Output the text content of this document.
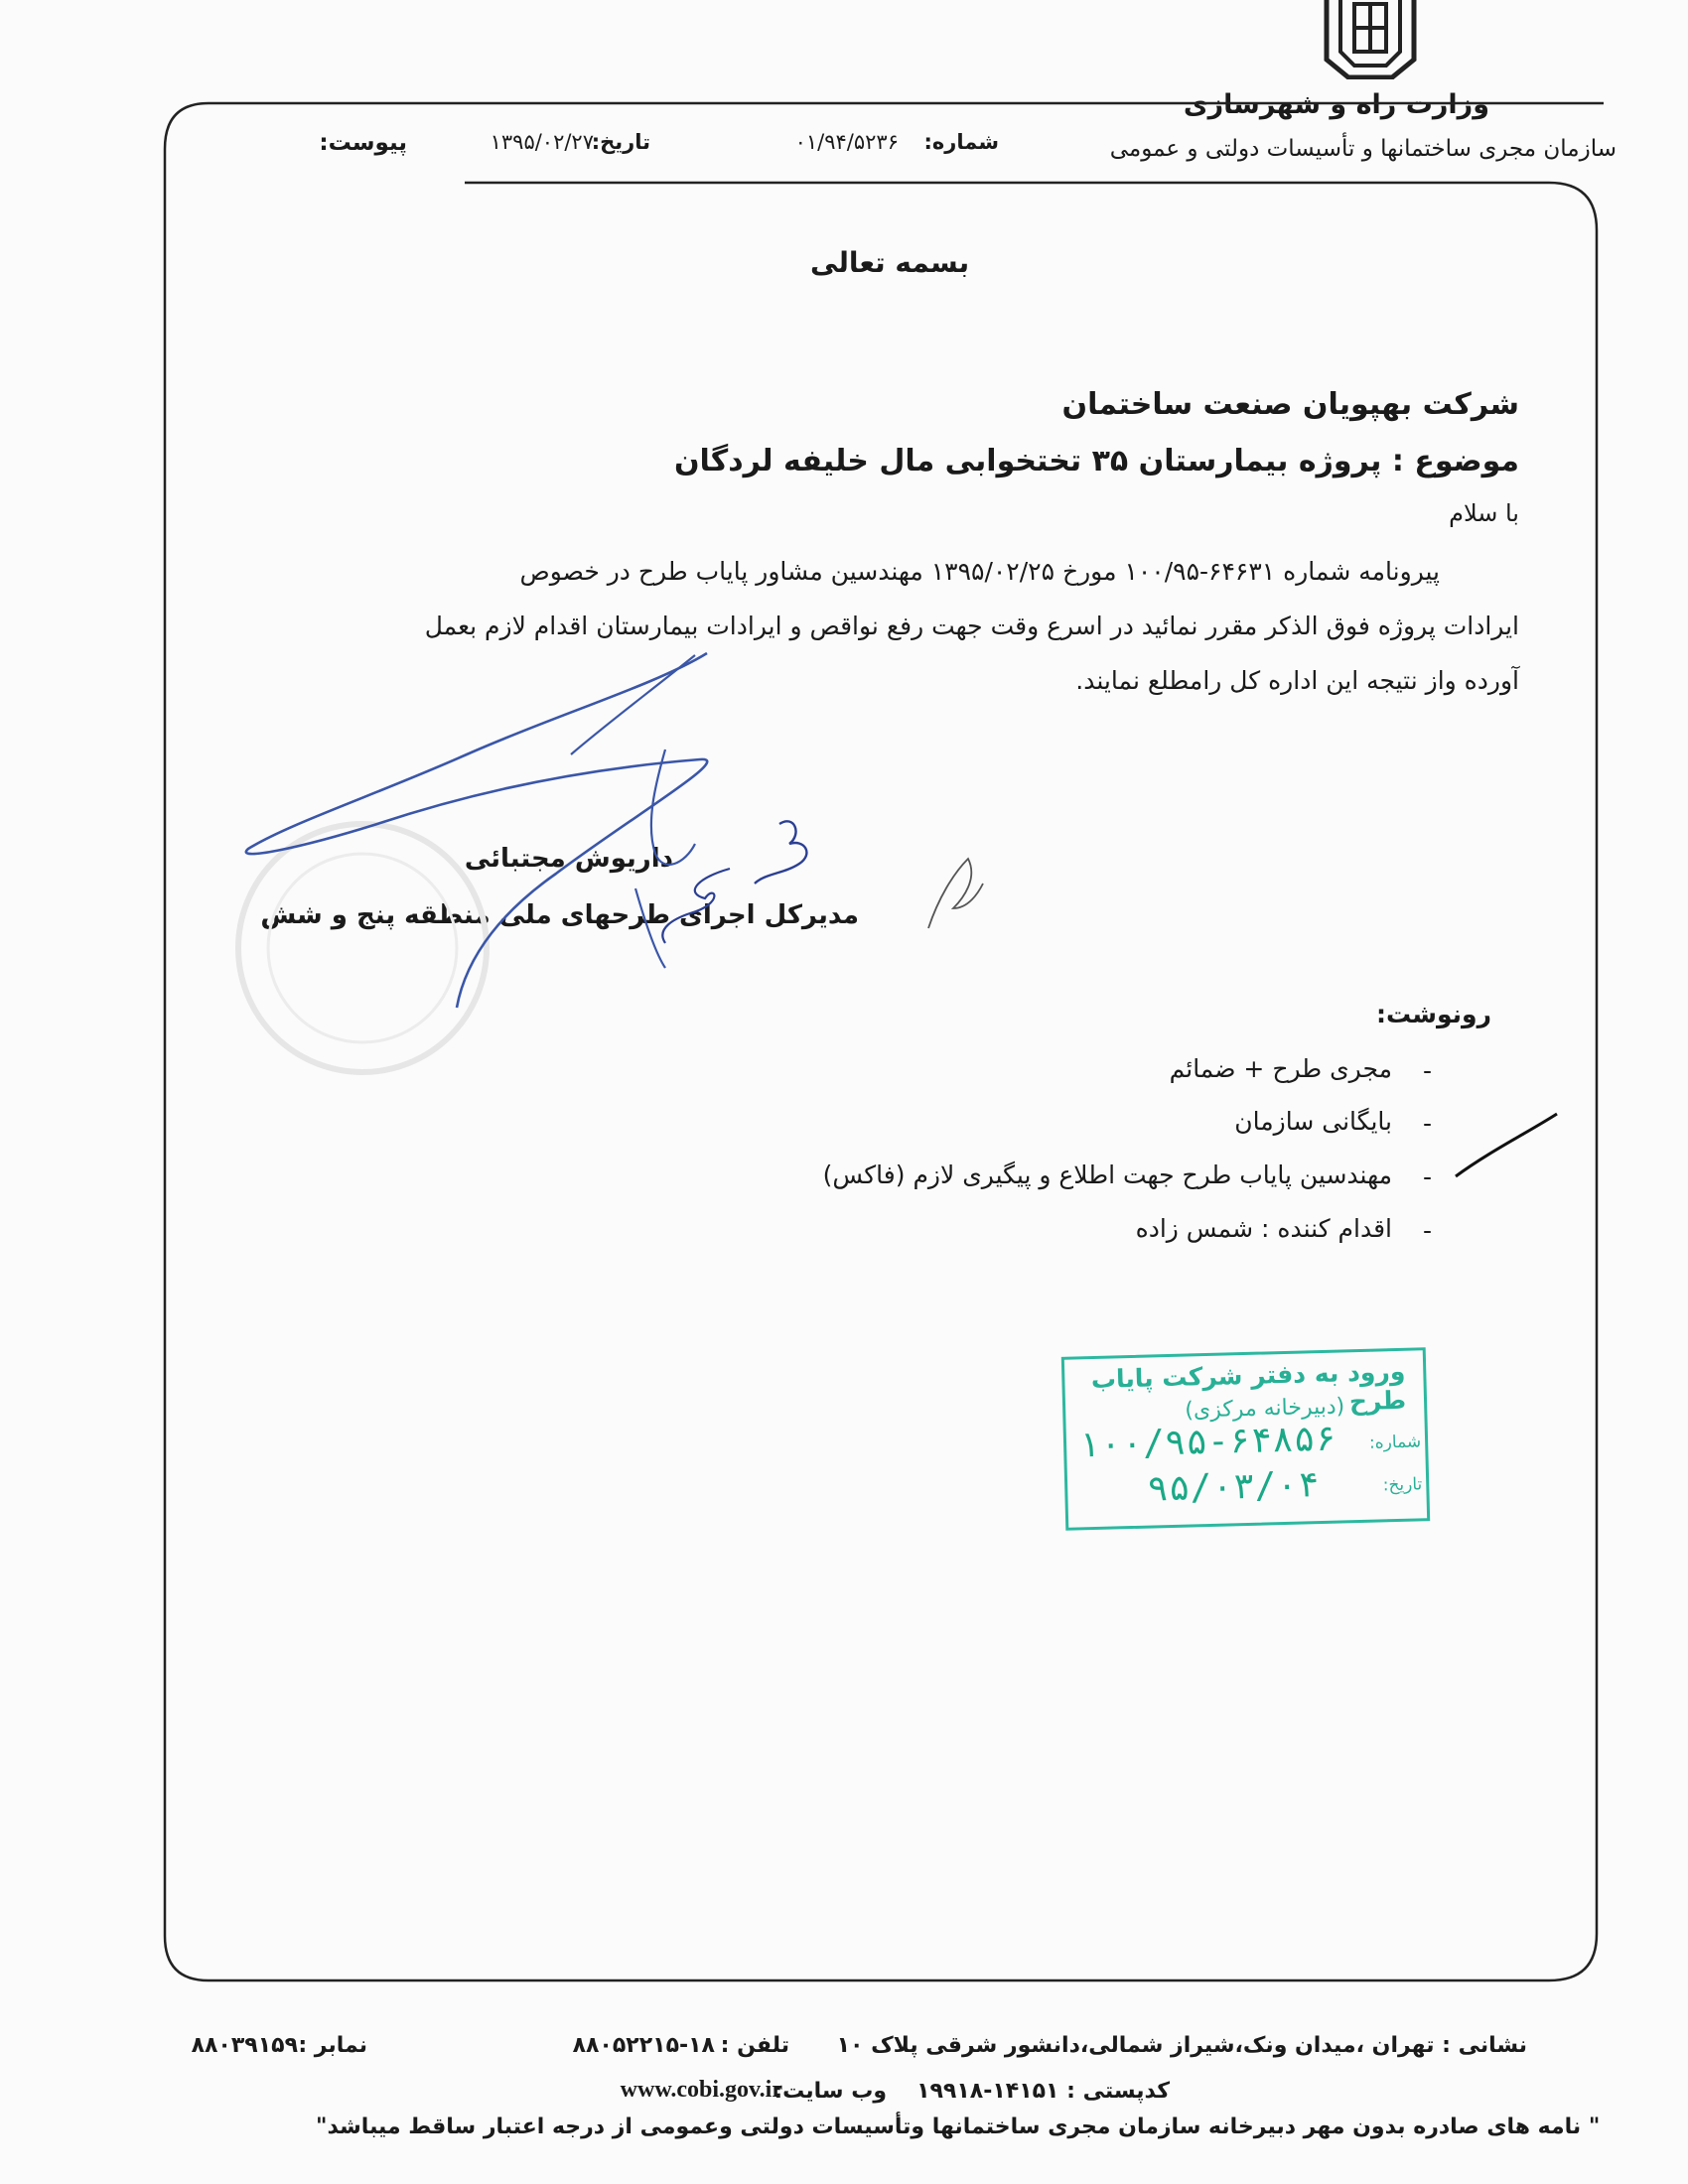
وزارت راه و شهرسازی
سازمان مجری ساختمانها و تأسیسات دولتی و عمومی
شماره:
۰۱/۹۴/۵۲۳۶
تاریخ:
۱۳۹۵/۰۲/۲۷
پیوست:
بسمه تعالی
شرکت بهپویان صنعت ساختمان
موضوع : پروژه بیمارستان ۳۵ تختخوابی مال خلیفه لردگان
با سلام

پیرونامه شماره ۶۴۶۳۱-۱۰۰/۹۵ مورخ ۱۳۹۵/۰۲/۲۵ مهندسین مشاور پایاب طرح در خصوص

ایرادات پروژه فوق الذکر مقرر نمائید در اسرع وقت جهت رفع نواقص و ایرادات بیمارستان اقدام لازم بعمل

آورده واز نتیجه این اداره کل رامطلع نمایند.

داریوش مجتبائی
مدیرکل اجرای طرحهای ملی منطقه پنج و شش
رونوشت:
-
مجری طرح + ضمائم
-
بایگانی سازمان
-
مهندسین پایاب طرح جهت اطلاع و پیگیری لازم (فاکس)
-
اقدام کننده : شمس زاده
ورود به دفتر شرکت پایاب طرح
(دبیرخانه مرکزی)
شماره:
۱۰۰/۹۵-۶۴۸۵۶
تاریخ:
۹۵/۰۳/۰۴
نشانی : تهران ،میدان ونک،شیراز شمالی،دانشور شرقی پلاک ۱۰
تلفن :
۸۸۰۵۲۲۱۵-۱۸
نمابر :
۸۸۰۳۹۱۵۹
کدپستی : ۱۴۱۵۱-۱۹۹۱۸
وب سایت:
www.cobi.gov.ir
" نامه های صادره بدون مهر دبیرخانه سازمان مجری ساختمانها وتأسیسات دولتی وعمومی از درجه اعتبار ساقط میباشد"
